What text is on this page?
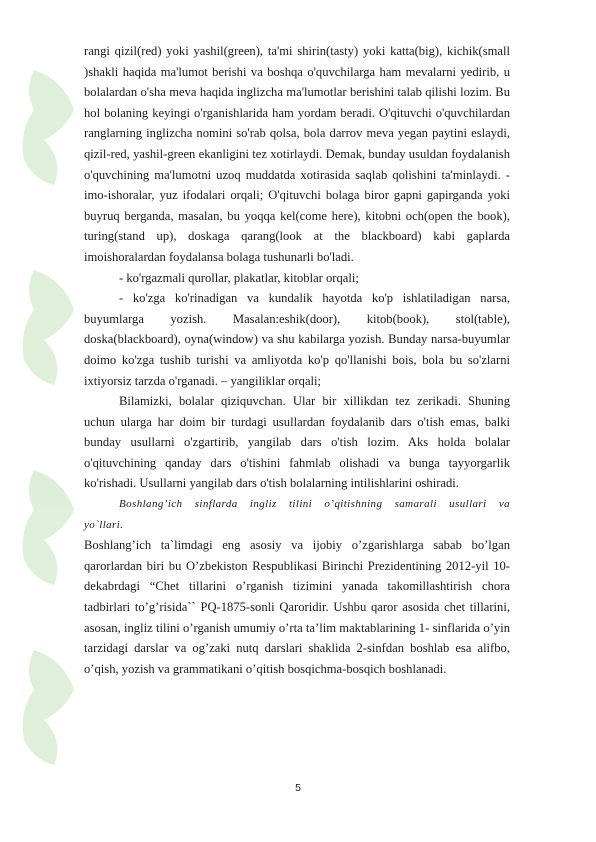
rangi qizil(red) yoki yashil(green), ta'mi shirin(tasty) yoki katta(big), kichik(small )shakli haqida ma'lumot berishi va boshqa o'quvchilarga ham mevalarni yedirib, u bolalardan o'sha meva haqida inglizcha ma'lumotlar berishini talab qilishi lozim. Bu hol bolaning keyingi o'rganishlarida ham yordam beradi. O'qituvchi o'quvchilardan ranglarning inglizcha nomini so'rab qolsa, bola darrov meva yegan paytini eslaydi, qizil-red, yashil-green ekanligini tez xotirlaydi. Demak, bunday usuldan foydalanish o'quvchining ma'lumotni uzoq muddatda xotirasida saqlab qolishini ta'minlaydi. - imo-ishoralar, yuz ifodalari orqali; O'qituvchi bolaga biror gapni gapirganda yoki buyruq berganda, masalan, bu yoqqa kel(come here), kitobni och(open the book), turing(stand up), doskaga qarang(look at the blackboard) kabi gaplarda imoishoralardan foydalansa bolaga tushunarli bo'ladi.

- ko'rgazmali qurollar, plakatlar, kitoblar orqali;

- ko'zga ko'rinadigan va kundalik hayotda ko'p ishlatiladigan narsa, buyumlarga yozish. Masalan:eshik(door), kitob(book), stol(table), doska(blackboard), oyna(window) va shu kabilarga yozish. Bunday narsa-buyumlar doimo ko'zga tushib turishi va amliyotda ko'p qo'llanishi bois, bola bu so'zlarni ixtiyorsiz tarzda o'rganadi. – yangiliklar orqali;

Bilamizki, bolalar qiziquvchan. Ular bir xillikdan tez zerikadi. Shuning uchun ularga har doim bir turdagi usullardan foydalanib dars o'tish emas, balki bunday usullarni o'zgartirib, yangilab dars o'tish lozim. Aks holda bolalar o'qituvchining qanday dars o'tishini fahmlab olishadi va bunga tayyorgarlik ko'rishadi. Usullarni yangilab dars o'tish bolalarning intilishlarini oshiradi.

Boshlang’ich sinflarda ingliz tilini o’qitishning samarali usullari va yo`llari.

Boshlang’ich ta`limdagi eng asosiy va ijobiy o’zgarishlarga sabab bo’lgan qarorlardan biri bu O’zbekiston Respublikasi Birinchi Prezidentining 2012-yil 10-dekabrdagi “Chet tillarini o’rganish tizimini yanada takomillashtirish chora tadbirlari to’g’risida`` PQ-1875-sonli Qaroridir. Ushbu qaror asosida chet tillarini, asosan, ingliz tilini o’rganish umumiy o’rta ta’lim maktablarining 1- sinflarida o’yin tarzidagi darslar va og’zaki nutq darslari shaklida 2-sinfdan boshlab esa alifbo, o’qish, yozish va grammatikani o’qitish bosqichma-bosqich boshlanadi.

5
